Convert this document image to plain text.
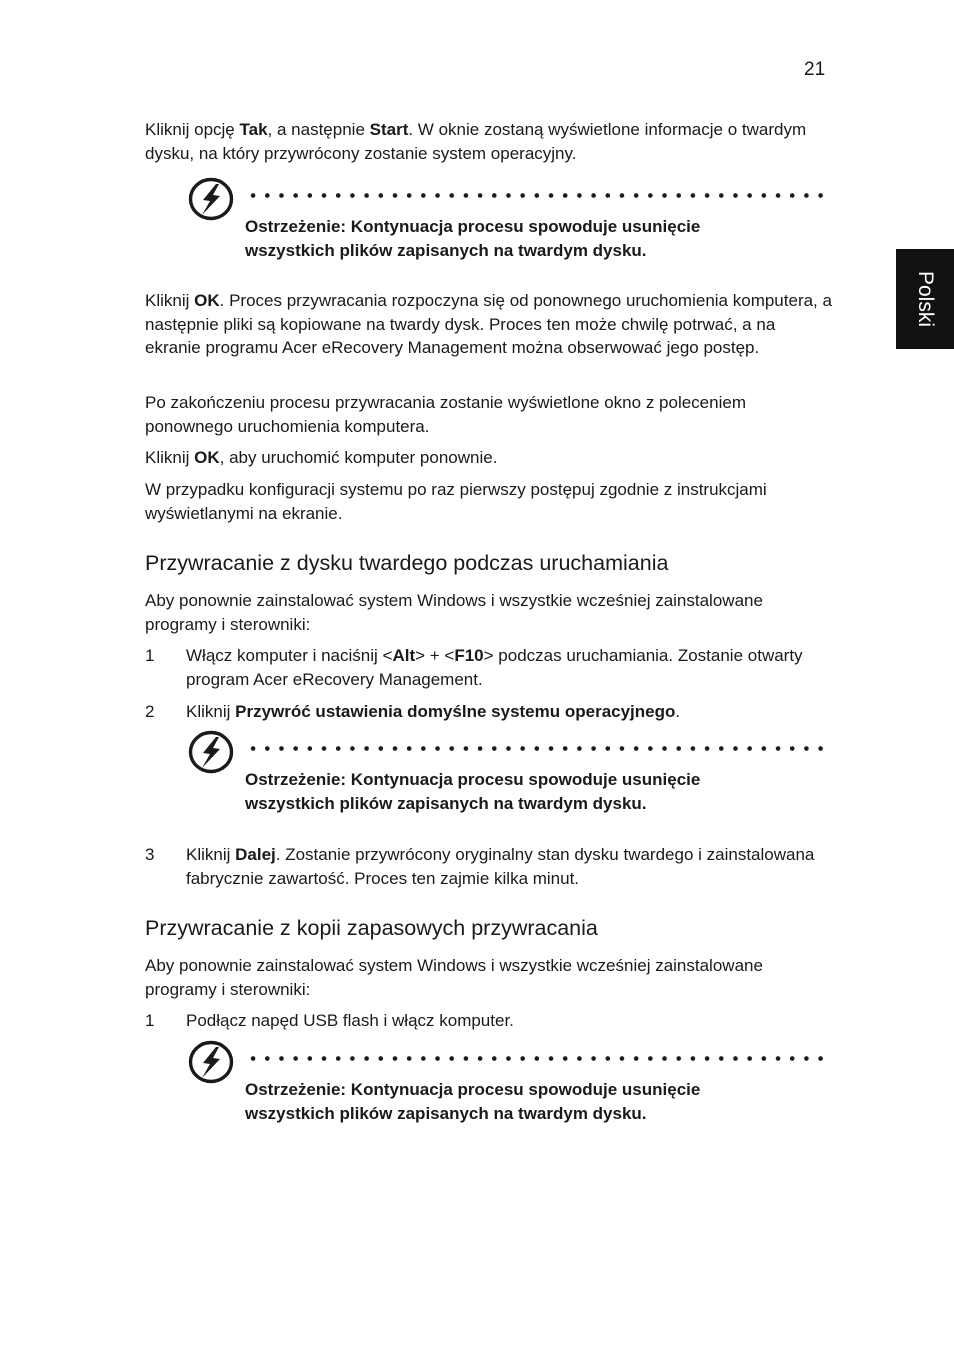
21
Polski

Kliknij opcję Tak, a następnie Start. W oknie zostaną wyświetlone informacje o twardym dysku, na który przywrócony zostanie system operacyjny.

Ostrzeżenie: Kontynuacja procesu spowoduje usunięcie
wszystkich plików zapisanych na twardym dysku.

Kliknij OK. Proces przywracania rozpoczyna się od ponownego uruchomienia komputera, a następnie pliki są kopiowane na twardy dysk. Proces ten może chwilę potrwać, a na ekranie programu Acer eRecovery Management można obserwować jego postęp.

Po zakończeniu procesu przywracania zostanie wyświetlone okno z poleceniem ponownego uruchomienia komputera.

Kliknij OK, aby uruchomić komputer ponownie.

W przypadku konfiguracji systemu po raz pierwszy postępuj zgodnie z instrukcjami wyświetlanymi na ekranie.

Przywracanie z dysku twardego podczas uruchamiania

Aby ponownie zainstalować system Windows i wszystkie wcześniej zainstalowane programy i sterowniki:

1 Włącz komputer i naciśnij <Alt> + <F10> podczas uruchamiania. Zostanie otwarty program Acer eRecovery Management.
2 Kliknij Przywróć ustawienia domyślne systemu operacyjnego.
Ostrzeżenie: Kontynuacja procesu spowoduje usunięcie
wszystkich plików zapisanych na twardym dysku.
3 Kliknij Dalej. Zostanie przywrócony oryginalny stan dysku twardego i zainstalowana fabrycznie zawartość. Proces ten zajmie kilka minut.
Przywracanie z kopii zapasowych przywracania

Aby ponownie zainstalować system Windows i wszystkie wcześniej zainstalowane programy i sterowniki:

1 Podłącz napęd USB flash i włącz komputer.
Ostrzeżenie: Kontynuacja procesu spowoduje usunięcie
wszystkich plików zapisanych na twardym dysku.
